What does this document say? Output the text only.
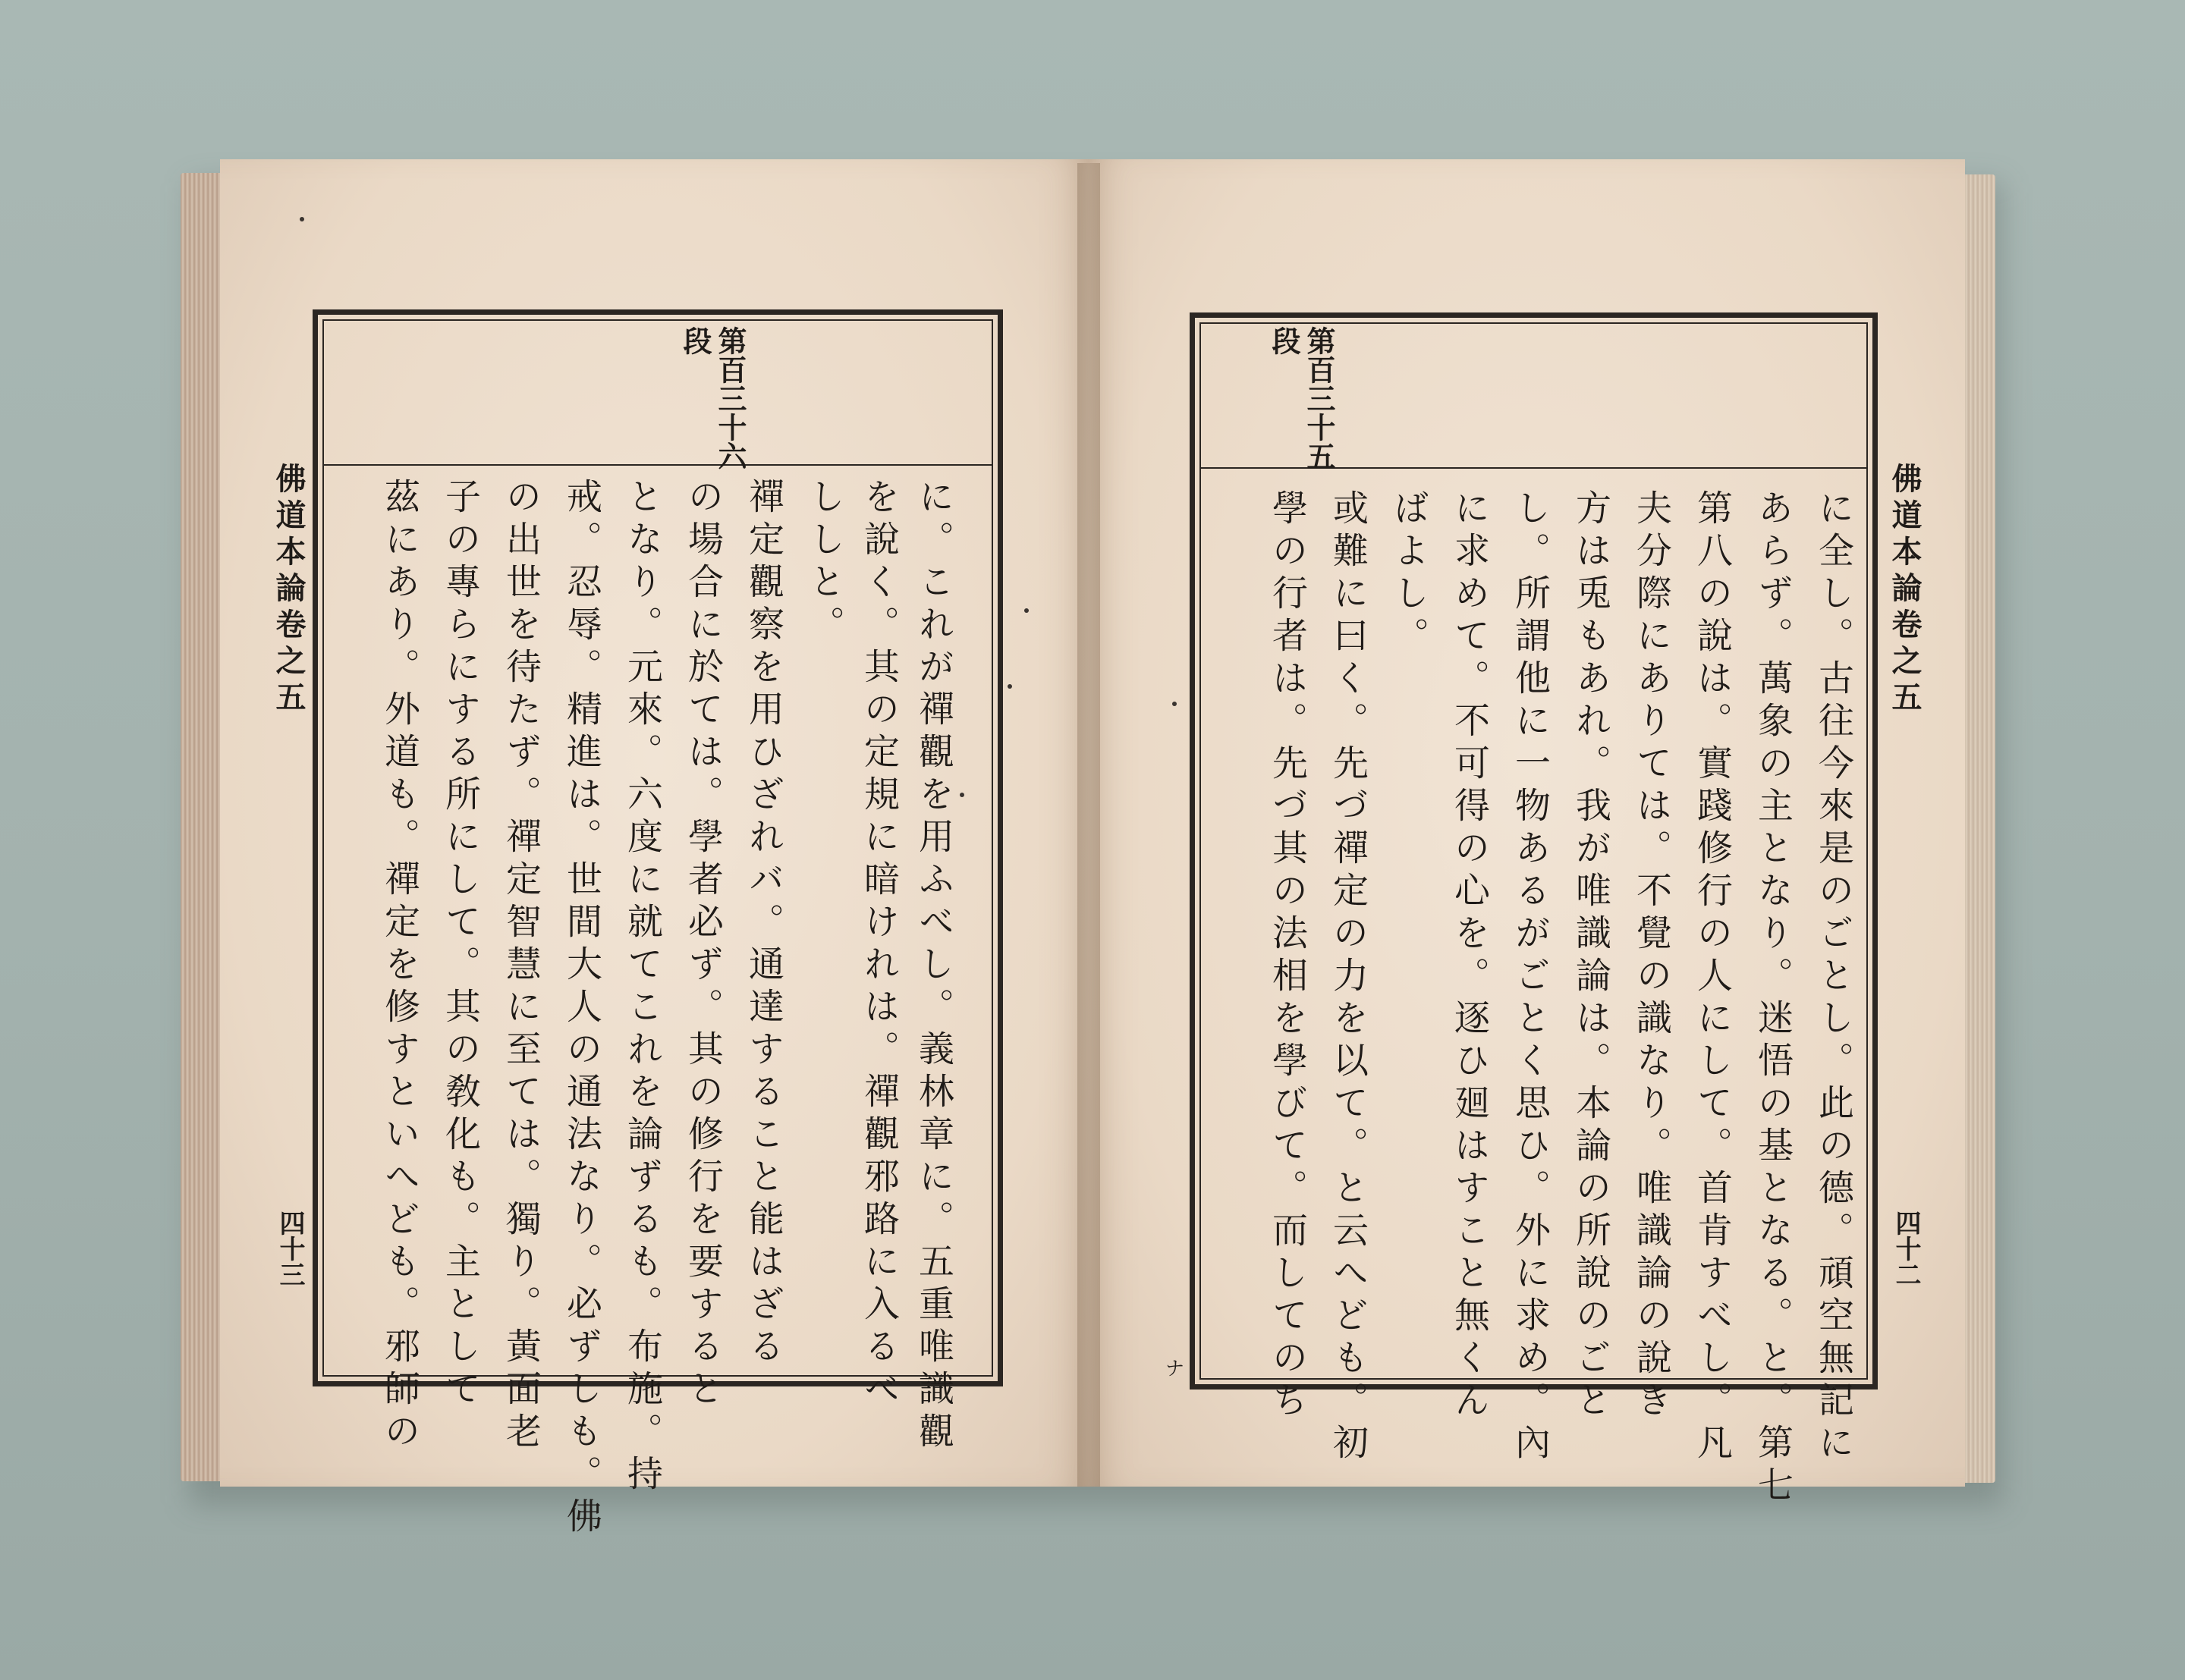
第百三十六
段
ししと。 を說く。其の定規に暗けれは。禪觀邪路に入るべ に。これが禪觀を用ふべし。義林章に。五重唯識觀
禪定觀察を用ひざれバ。通達すること能はざる
の場合に於ては。學者必ず。其の修行を要すると
となり。元來。六度に就てこれを論ずるも。布施。持
戒。忍辱。精進は。世間大人の通法なり。必ずしも。佛
の出世を待たず。禪定智慧に至ては。獨り。黃面老
子の專らにする所にして。其の敎化も。主として
茲にあり。外道も。禪定を修すといへども。邪師の
佛道本論卷之五
四十三
第百三十五
段
に全し。古往今來是のごとし。此の德。頑空無記に
あらず。萬象の主となり。迷悟の基となる。と。第七
第八の說は。實踐修行の人にして。首肯すべし。凡
夫分際にありては。不覺の識なり。唯識論の說き
方は兎もあれ。我が唯識論は。本論の所說のごと
し。所謂他に一物あるがごとく思ひ。外に求め。內
に求めて。不可得の心を。逐ひ廻はすこと無くん
ばよし。
或難に曰く。先づ禪定の力を以て。と云へども。初
學の行者は。先づ其の法相を學びて。而してのち	佛道本論卷之五
四十二
ナ
